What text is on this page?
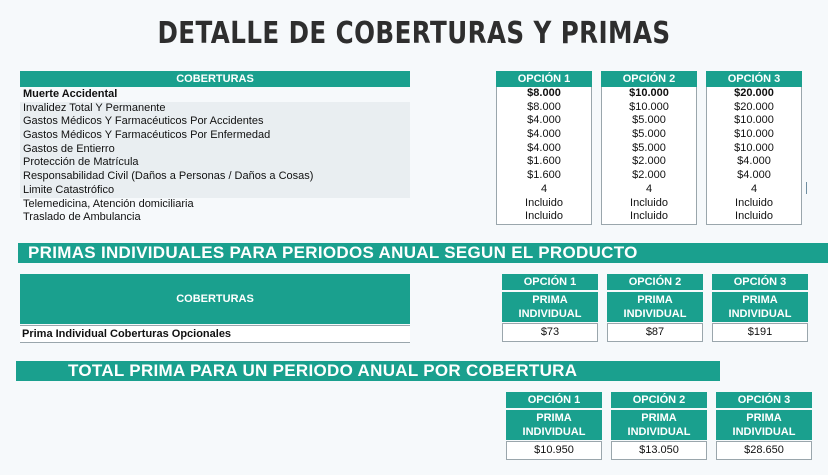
DETALLE DE COBERTURAS Y PRIMAS
COBERTURAS
Muerte Accidental
Invalidez Total Y Permanente
Gastos Médicos Y Farmacéuticos Por Accidentes
Gastos Médicos Y Farmacéuticos Por Enfermedad
Gastos de Entierro
Protección de Matrícula
Responsabilidad Civil (Daños a Personas / Daños a Cosas)
Limite Catastrófico
Telemedicina, Atención domiciliaria
Traslado de Ambulancia
OPCIÓN 1
$8.000
$8.000
$4.000
$4.000
$4.000
$1.600
$1.600
4
Incluido
Incluido
OPCIÓN 2
$10.000
$10.000
$5.000
$5.000
$5.000
$2.000
$2.000
4
Incluido
Incluido
OPCIÓN 3
$20.000
$20.000
$10.000
$10.000
$10.000
$4.000
$4.000
4
Incluido
Incluido
PRIMAS INDIVIDUALES PARA PERIODOS ANUAL SEGUN EL PRODUCTO
COBERTURAS
Prima Individual Coberturas Opcionales
OPCIÓN 1
PRIMA INDIVIDUAL
$73
OPCIÓN 2
PRIMA INDIVIDUAL
$87
OPCIÓN 3
PRIMA INDIVIDUAL
$191
TOTAL PRIMA PARA UN PERIODO ANUAL POR COBERTURA
OPCIÓN 1
PRIMA INDIVIDUAL
$10.950
OPCIÓN 2
PRIMA INDIVIDUAL
$13.050
OPCIÓN 3
PRIMA INDIVIDUAL
$28.650
